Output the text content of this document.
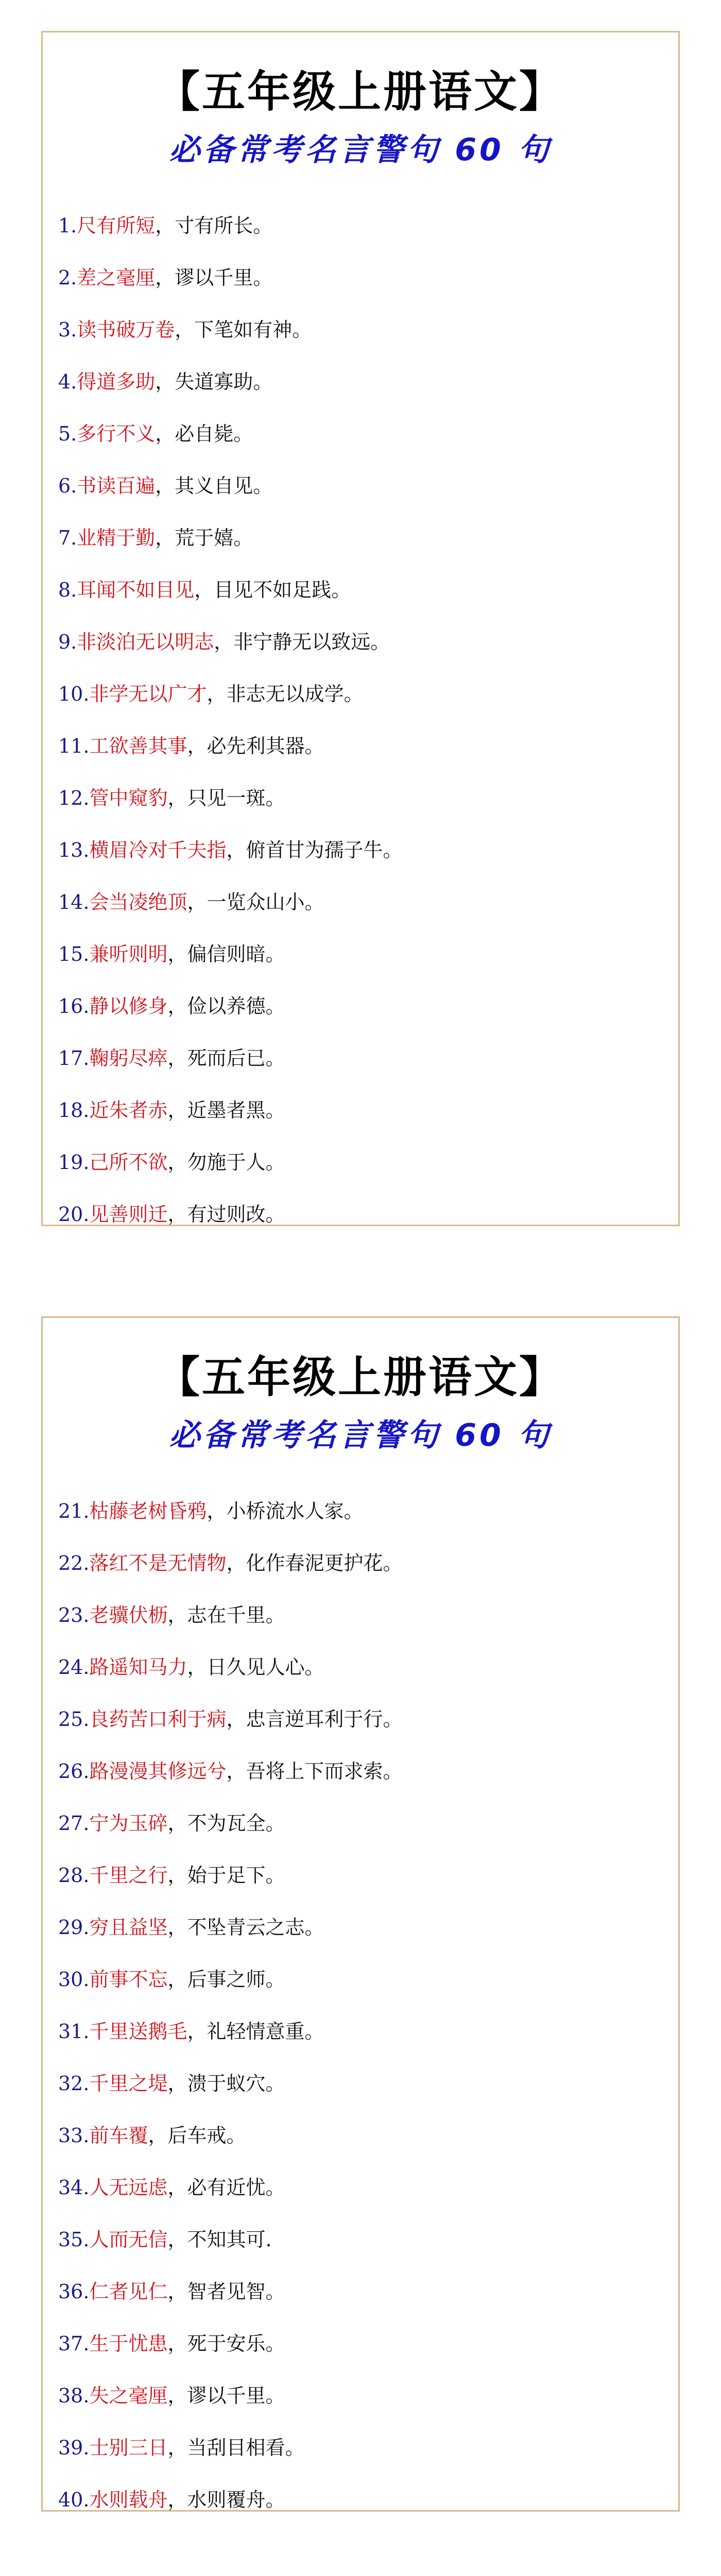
【五年级上册语文】
必备常考名言警句 60 句
1.尺有所短，寸有所长。
2.差之毫厘，谬以千里。
3.读书破万卷，下笔如有神。
4.得道多助，失道寡助。
5.多行不义，必自毙。
6.书读百遍，其义自见。
7.业精于勤，荒于嬉。
8.耳闻不如目见，目见不如足践。
9.非淡泊无以明志，非宁静无以致远。
10.非学无以广才，非志无以成学。
11.工欲善其事，必先利其器。
12.管中窥豹，只见一斑。
13.横眉冷对千夫指，俯首甘为孺子牛。
14.会当凌绝顶，一览众山小。
15.兼听则明，偏信则暗。
16.静以修身，俭以养德。
17.鞠躬尽瘁，死而后已。
18.近朱者赤，近墨者黑。
19.己所不欲，勿施于人。
20.见善则迁，有过则改。
【五年级上册语文】
必备常考名言警句 60 句
21.枯藤老树昏鸦，小桥流水人家。
22.落红不是无情物，化作春泥更护花。
23.老骥伏枥，志在千里。
24.路遥知马力，日久见人心。
25.良药苦口利于病，忠言逆耳利于行。
26.路漫漫其修远兮，吾将上下而求索。
27.宁为玉碎，不为瓦全。
28.千里之行，始于足下。
29.穷且益坚，不坠青云之志。
30.前事不忘，后事之师。
31.千里送鹅毛，礼轻情意重。
32.千里之堤，溃于蚁穴。
33.前车覆，后车戒。
34.人无远虑，必有近忧。
35.人而无信，不知其可.
36.仁者见仁，智者见智。
37.生于忧患，死于安乐。
38.失之毫厘，谬以千里。
39.士别三日，当刮目相看。
40.水则载舟，水则覆舟。
